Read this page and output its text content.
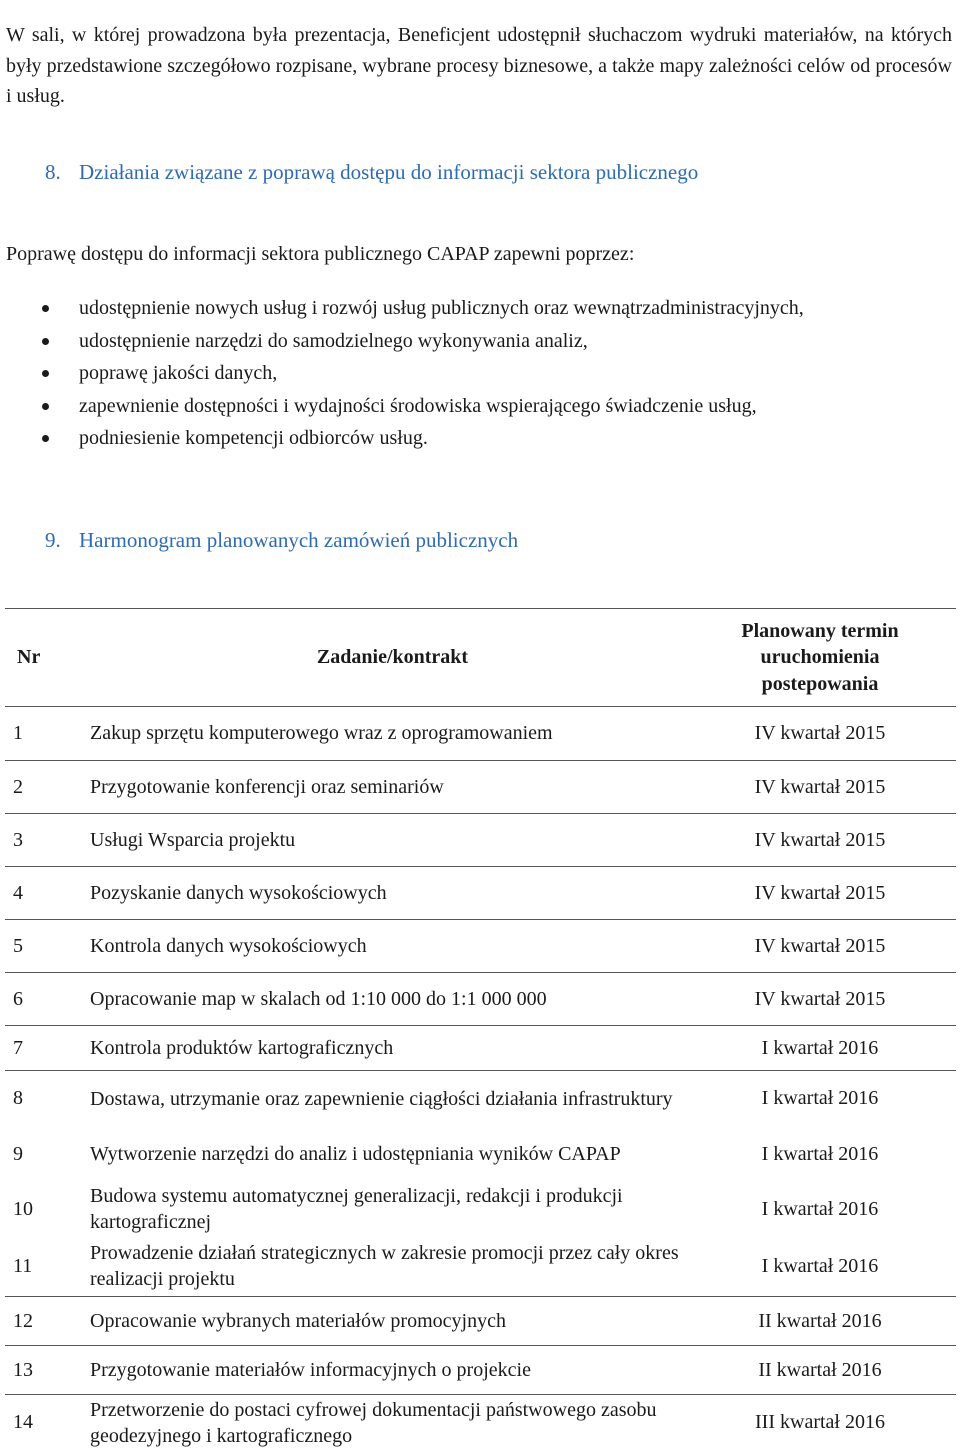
W sali, w której prowadzona była prezentacja, Beneficjent udostępnił słuchaczom wydruki materiałów, na których były przedstawione szczegółowo rozpisane, wybrane procesy biznesowe, a także mapy zależności celów od procesów i usług.

8. Działania związane z poprawą dostępu do informacji sektora publicznego
Poprawę dostępu do informacji sektora publicznego CAPAP zapewni poprzez:
udostępnienie nowych usług i rozwój usług publicznych oraz wewnątrzadministracyjnych,
udostępnienie narzędzi do samodzielnego wykonywania analiz,
poprawę jakości danych,
zapewnienie dostępności i wydajności środowiska wspierającego świadczenie usług,
podniesienie kompetencji odbiorców usług.
9. Harmonogram planowanych zamówień publicznych
Nr	Zadanie/kontrakt	Planowany termin uruchomienia postepowania
1	Zakup sprzętu komputerowego wraz z oprogramowaniem	IV kwartał 2015
2	Przygotowanie konferencji oraz seminariów	IV kwartał 2015
3	Usługi Wsparcia projektu	IV kwartał 2015
4	Pozyskanie danych wysokościowych	IV kwartał 2015
5	Kontrola danych wysokościowych	IV kwartał 2015
6	Opracowanie map w skalach od 1:10 000 do 1:1 000 000	IV kwartał 2015
7	Kontrola produktów kartograficznych	I kwartał 2016
8	Dostawa, utrzymanie oraz zapewnienie ciągłości działania infrastruktury	I kwartał 2016
9	Wytworzenie narzędzi do analiz i udostępniania wyników CAPAP	I kwartał 2016
10	Budowa systemu automatycznej generalizacji, redakcji i produkcji kartograficznej	I kwartał 2016
11	Prowadzenie działań strategicznych w zakresie promocji przez cały okres realizacji projektu	I kwartał 2016
12	Opracowanie wybranych materiałów promocyjnych	II kwartał 2016
13	Przygotowanie materiałów informacyjnych o projekcie	II kwartał 2016
14	Przetworzenie do postaci cyfrowej dokumentacji państwowego zasobu geodezyjnego i kartograficznego	III kwartał 2016
